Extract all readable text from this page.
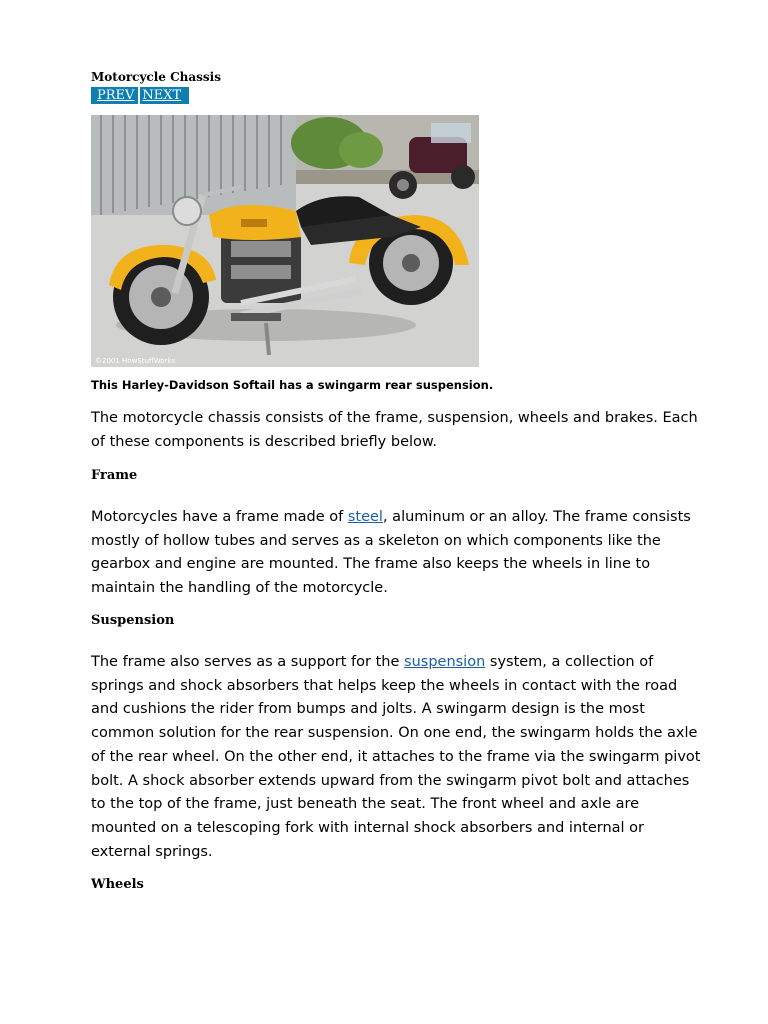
Motorcycle Chassis
PREV NEXT
©2001 HowStuffWorks

This Harley-Davidson Softail has a swingarm rear suspension.

The motorcycle chassis consists of the frame, suspension, wheels and brakes. Each of these components is described briefly below.

Frame

Motorcycles have a frame made of steel, aluminum or an alloy. The frame consists mostly of hollow tubes and serves as a skeleton on which components like the gearbox and engine are mounted. The frame also keeps the wheels in line to maintain the handling of the motorcycle.

Suspension

The frame also serves as a support for the suspension system, a collection of springs and shock absorbers that helps keep the wheels in contact with the road and cushions the rider from bumps and jolts. A swingarm design is the most common solution for the rear suspension. On one end, the swingarm holds the axle of the rear wheel. On the other end, it attaches to the frame via the swingarm pivot bolt. A shock absorber extends upward from the swingarm pivot bolt and attaches to the top of the frame, just beneath the seat. The front wheel and axle are mounted on a telescoping fork with internal shock absorbers and internal or external springs.

Wheels
